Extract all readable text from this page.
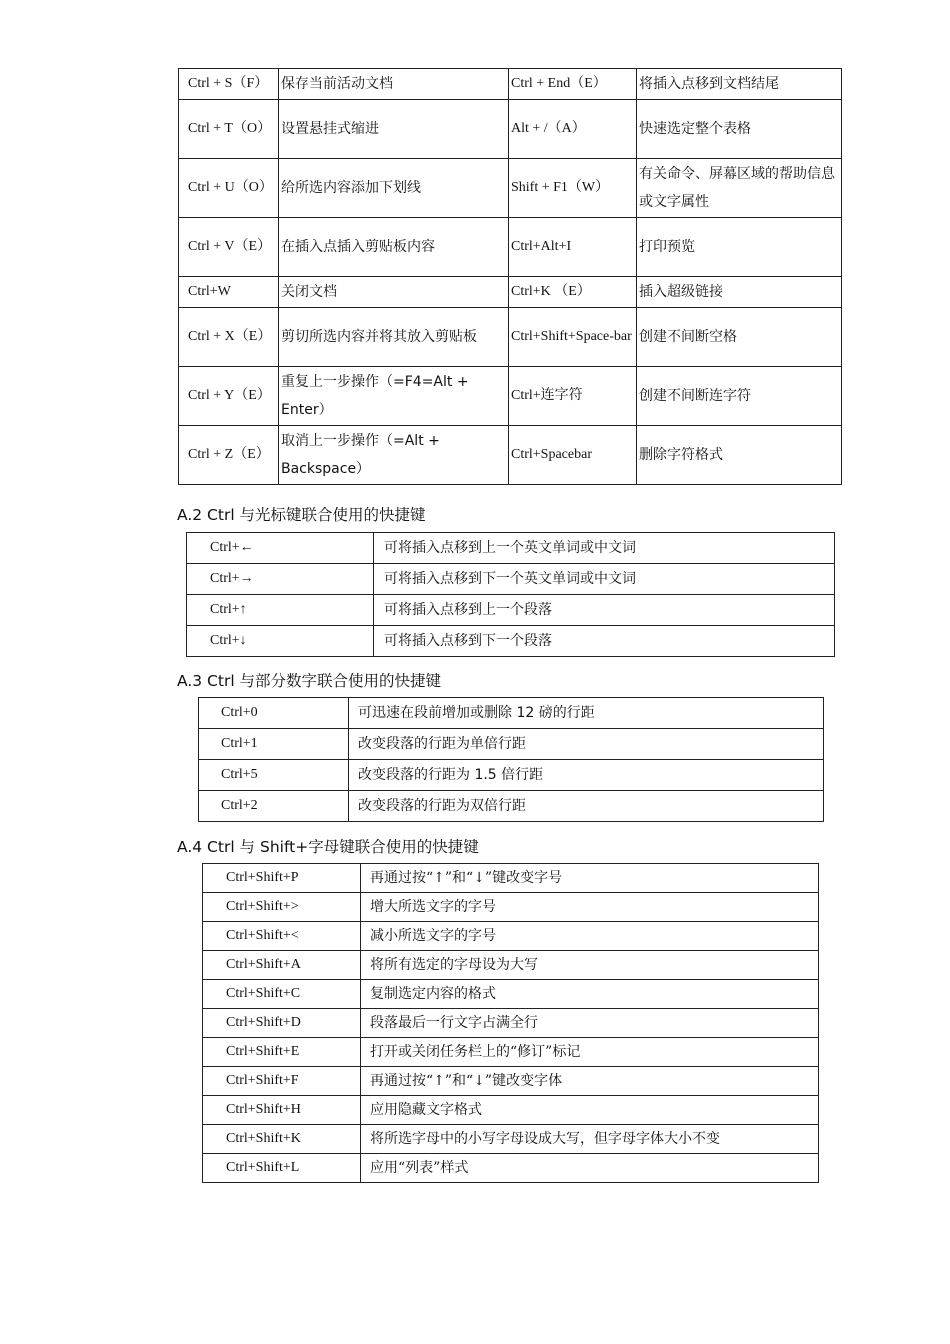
Ctrl + S（F）	保存当前活动文档	Ctrl + End（E）	将插入点移到文档结尾
Ctrl + T（O）	设置悬挂式缩进	Alt + /（A）	快速选定整个表格
Ctrl + U（O）	给所选内容添加下划线	Shift + F1（W）	有关命令、屏幕区域的帮助信息或文字属性
Ctrl + V（E）	在插入点插入剪贴板内容	Ctrl+Alt+I	打印预览
Ctrl+W	关闭文档	Ctrl+K （E）	插入超级链接
Ctrl + X（E）	剪切所选内容并将其放入剪贴板	Ctrl+Shift+Space-bar	创建不间断空格
Ctrl + Y（E）	重复上一步操作（=F4=Alt + Enter）	Ctrl+连字符	创建不间断连字符
Ctrl + Z（E）	取消上一步操作（=Alt + Backspace）	Ctrl+Spacebar	删除字符格式
A.2 Ctrl 与光标键联合使用的快捷键
Ctrl+←	可将插入点移到上一个英文单词或中文词
Ctrl+→	可将插入点移到下一个英文单词或中文词
Ctrl+↑	可将插入点移到上一个段落
Ctrl+↓	可将插入点移到下一个段落
A.3 Ctrl 与部分数字联合使用的快捷键
Ctrl+0	可迅速在段前增加或删除 12 磅的行距
Ctrl+1	改变段落的行距为单倍行距
Ctrl+5	改变段落的行距为 1.5 倍行距
Ctrl+2	改变段落的行距为双倍行距
A.4 Ctrl 与 Shift+字母键联合使用的快捷键
Ctrl+Shift+P	再通过按“↑”和“↓”键改变字号
Ctrl+Shift+>	增大所选文字的字号
Ctrl+Shift+<	减小所选文字的字号
Ctrl+Shift+A	将所有选定的字母设为大写
Ctrl+Shift+C	复制选定内容的格式
Ctrl+Shift+D	段落最后一行文字占满全行
Ctrl+Shift+E	打开或关闭任务栏上的“修订”标记
Ctrl+Shift+F	再通过按“↑”和“↓”键改变字体
Ctrl+Shift+H	应用隐藏文字格式
Ctrl+Shift+K	将所选字母中的小写字母设成大写，但字母字体大小不变
Ctrl+Shift+L	应用“列表”样式
